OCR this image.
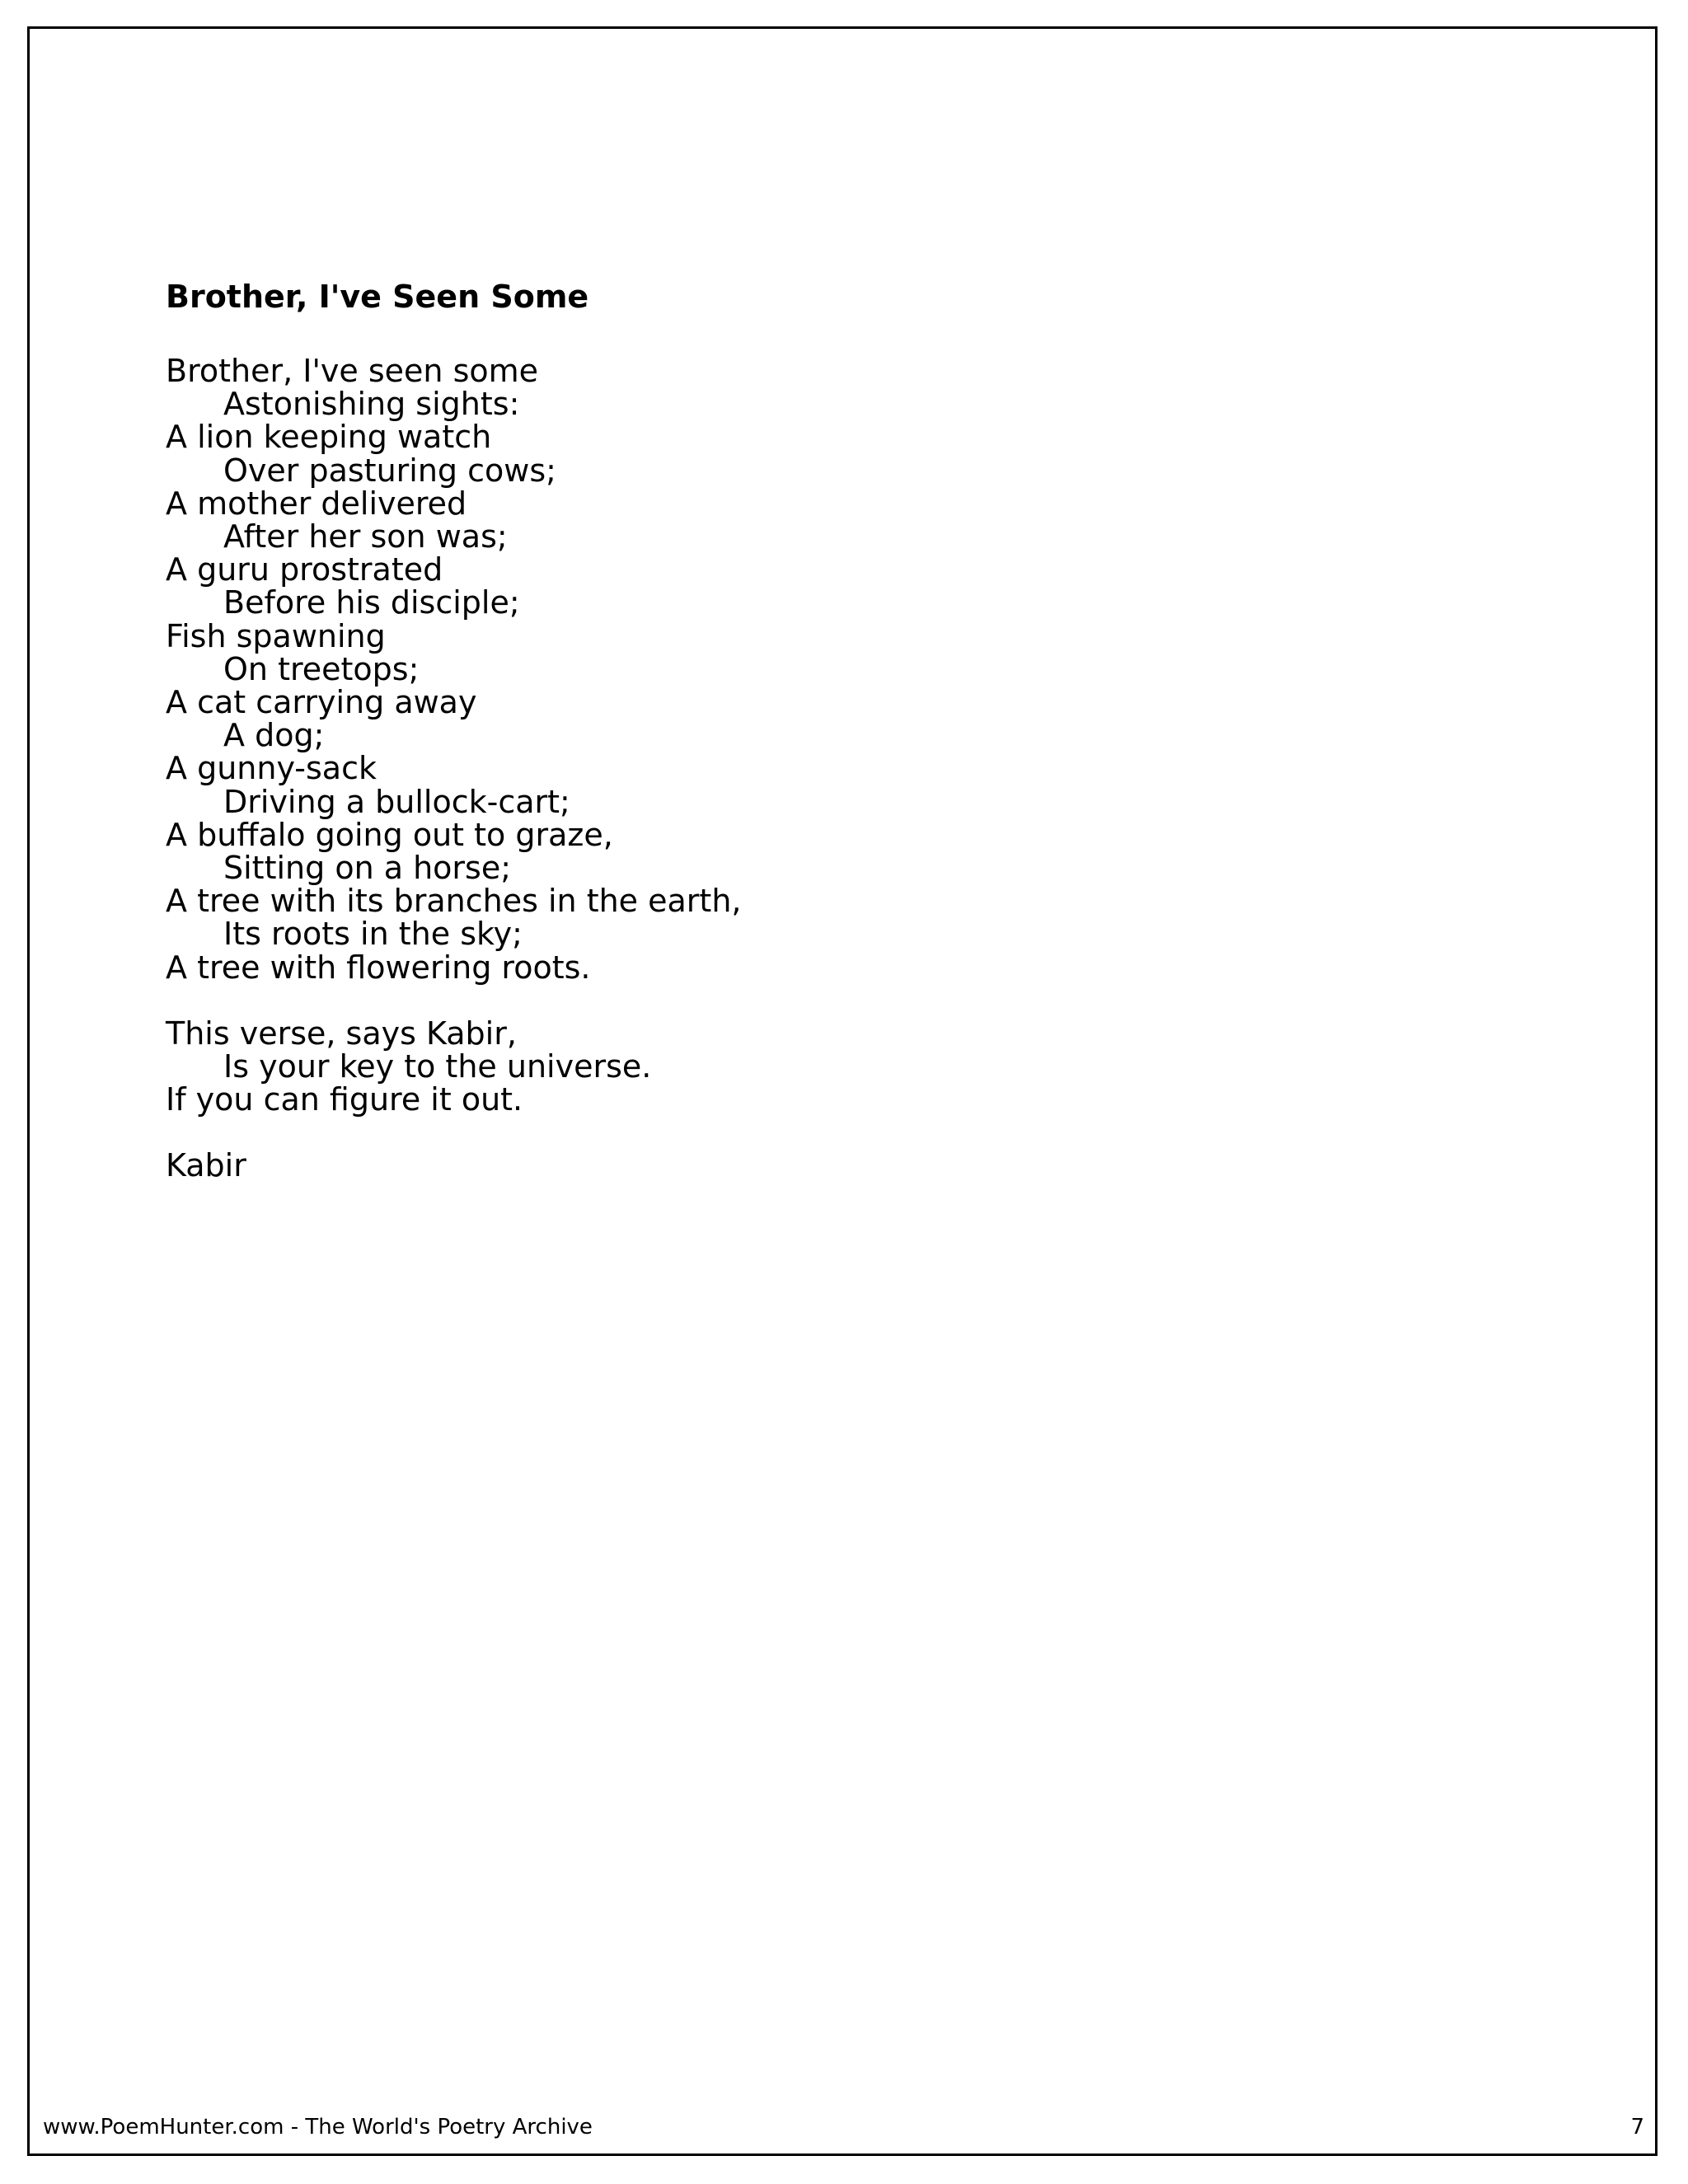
Brother, I've Seen Some
Brother, I've seen some
Astonishing sights:
A lion keeping watch
Over pasturing cows;
A mother delivered
After her son was;
A guru prostrated
Before his disciple;
Fish spawning
On treetops;
A cat carrying away
A dog;
A gunny-sack
Driving a bullock-cart;
A buffalo going out to graze,
Sitting on a horse;
A tree with its branches in the earth,
Its roots in the sky;
A tree with flowering roots.
This verse, says Kabir,
Is your key to the universe.
If you can figure it out.

Kabir

www.PoemHunter.com - The World's Poetry Archive	7
